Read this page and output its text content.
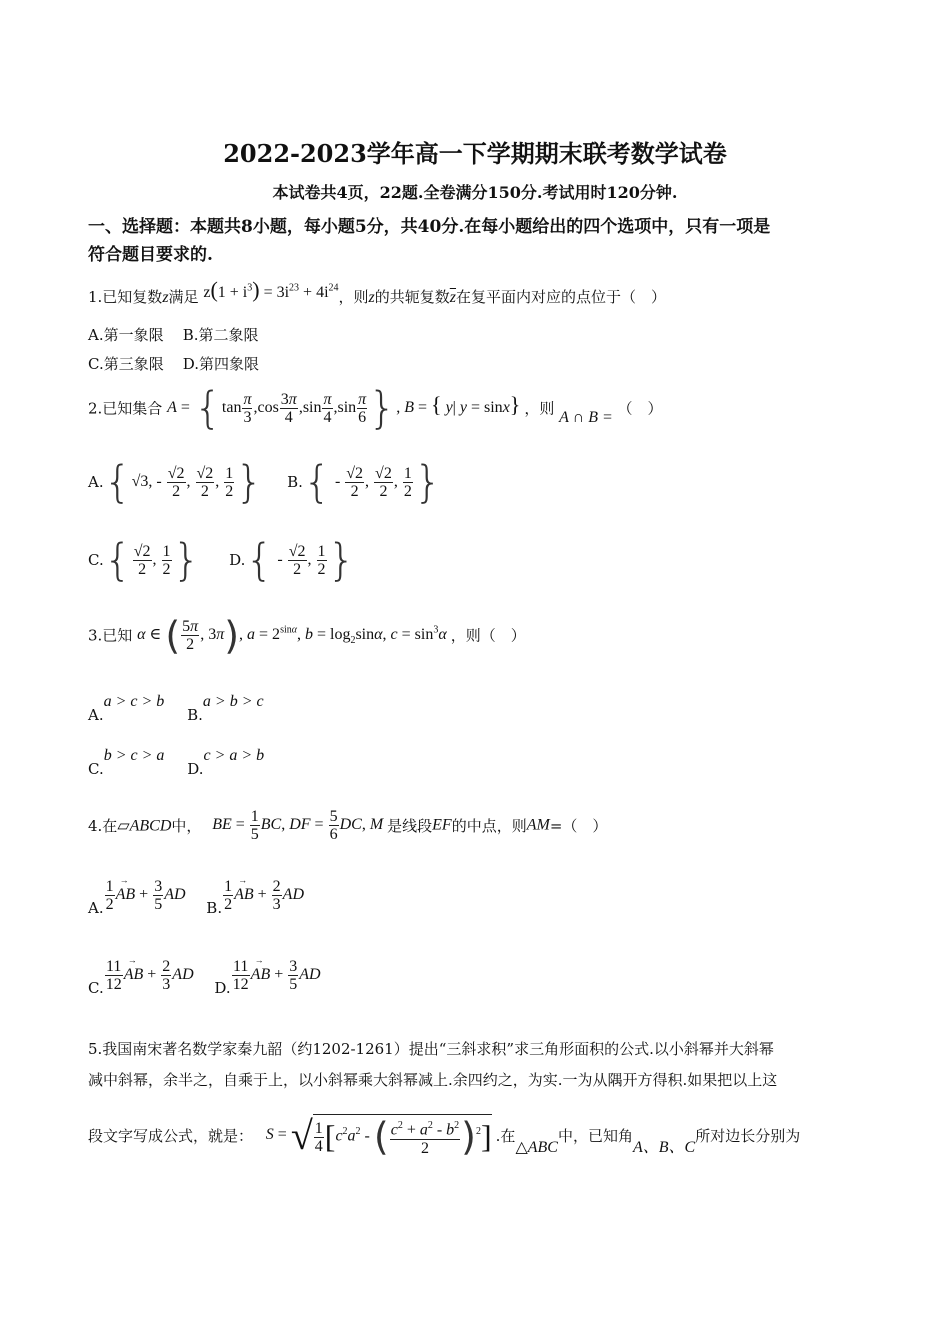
2022-2023学年高一下学期期末联考数学试卷
本试卷共4页，22题.全卷满分150分.考试用时120分钟.
一、选择题：本题共8小题，每小题5分，共40分.在每小题给出的四个选项中，只有一项是
符合题目要求的.
1.已知复数z满足 $z(1 + i^3) = 3i^{23} + 4i^{24}$，则z的共轭复数$\overline{z}$在复平面内对应的点位于（　）
A.第一象限 B.第二象限
C.第三象限 D.第四象限
2.已知集合 $A = \{\tan \frac{\pi}{3} ,\cos \frac{3\pi}{4} ,\sin \frac{\pi}{4} ,\sin \frac{\pi}{6}$ }, B = { y| y = sinx} ，则 A ∩ B = （　）
A.{√3, - $\frac{√2}{2}$ , $\frac{√2}{2}$ , $\frac{1}{2}$ } $B.\{ - \frac{√2}{2}$ , $\frac{√2}{2}$ , $\frac{1}{2}$ }
$C.\{ \frac{√2}{2}$ , $\frac{1}{2}$ } $D.\{ - \frac{√2}{2}$ , $\frac{1}{2}$ }
3.已知 α ∈ ( $\frac{5\pi}{2}$ , 3π), $a = 2^{sin\alpha}$, $b = \log_2\sin\alpha$, $c = \sin^3\alpha$ ，则（　）
A.a > c > b B.a > b > c
C.b > c > a D.c > a > b
4.在▱ABCD中， BE = $\frac{1}{5}$ BC, DF = $\frac{5}{6}$ DC, M 是线段EF的中点，则AM=（　）
A. $\frac{1}{2}$ → AB + $\frac{3}{5}$ AD B. $\frac{1}{2}$ → AB + $\frac{2}{3}$ AD
C. $\frac{11}{12}$ → AB + $\frac{2}{3}$ AD D. $\frac{11}{12}$ → AB + $\frac{3}{5}$ AD
5.我国南宋著名数学家秦九韶（约1202-1261）提出“三斜求积”求三角形面积的公式.以小斜幂并大斜幂
减中斜幂，余半之，自乘于上，以小斜幂乘大斜幂减上.余四约之，为实.一为从隅开方得积.如果把以上这
段文字写成公式，就是： S = √ $\frac{1}{4} [c^2a^2$ - ( $\frac{c^2 + a^2 - b^2}{2} )^2$] .在△ABC中，已知角A、B、C所对边长分别为
